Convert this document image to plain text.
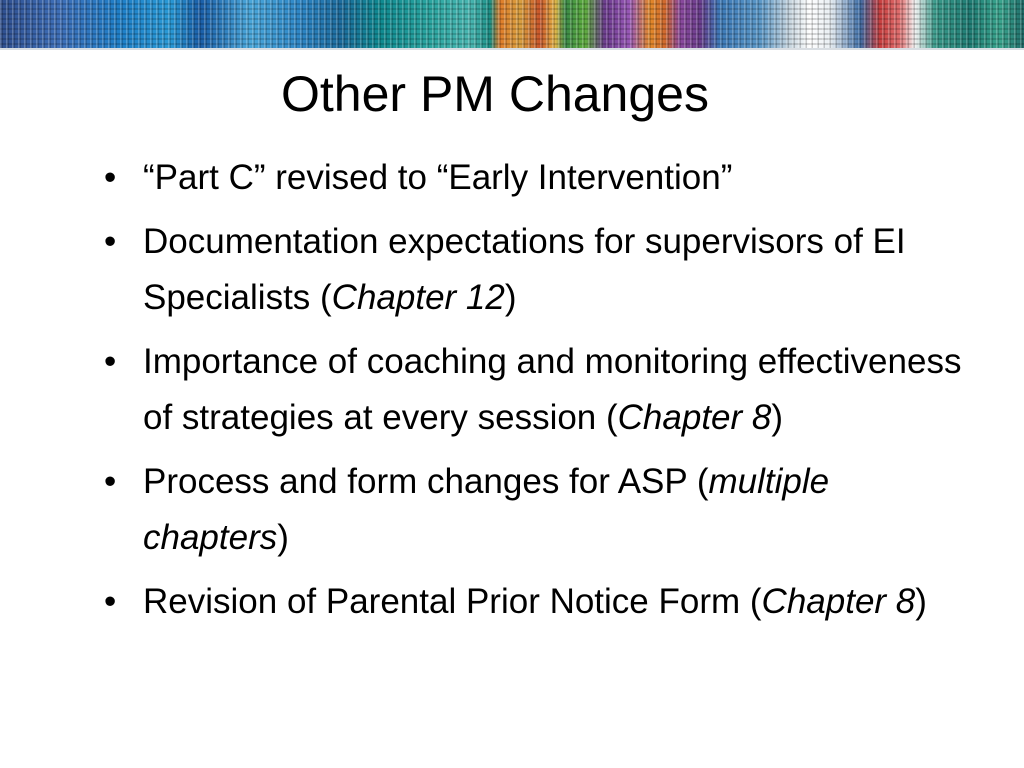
Other PM Changes
• “Part C” revised to “Early Intervention”
• Documentation expectations for supervisors of EI Specialists (Chapter 12)
• Importance of coaching and monitoring effectiveness of strategies at every session (Chapter 8)
• Process and form changes for ASP (multiple chapters)
• Revision of Parental Prior Notice Form (Chapter 8)
